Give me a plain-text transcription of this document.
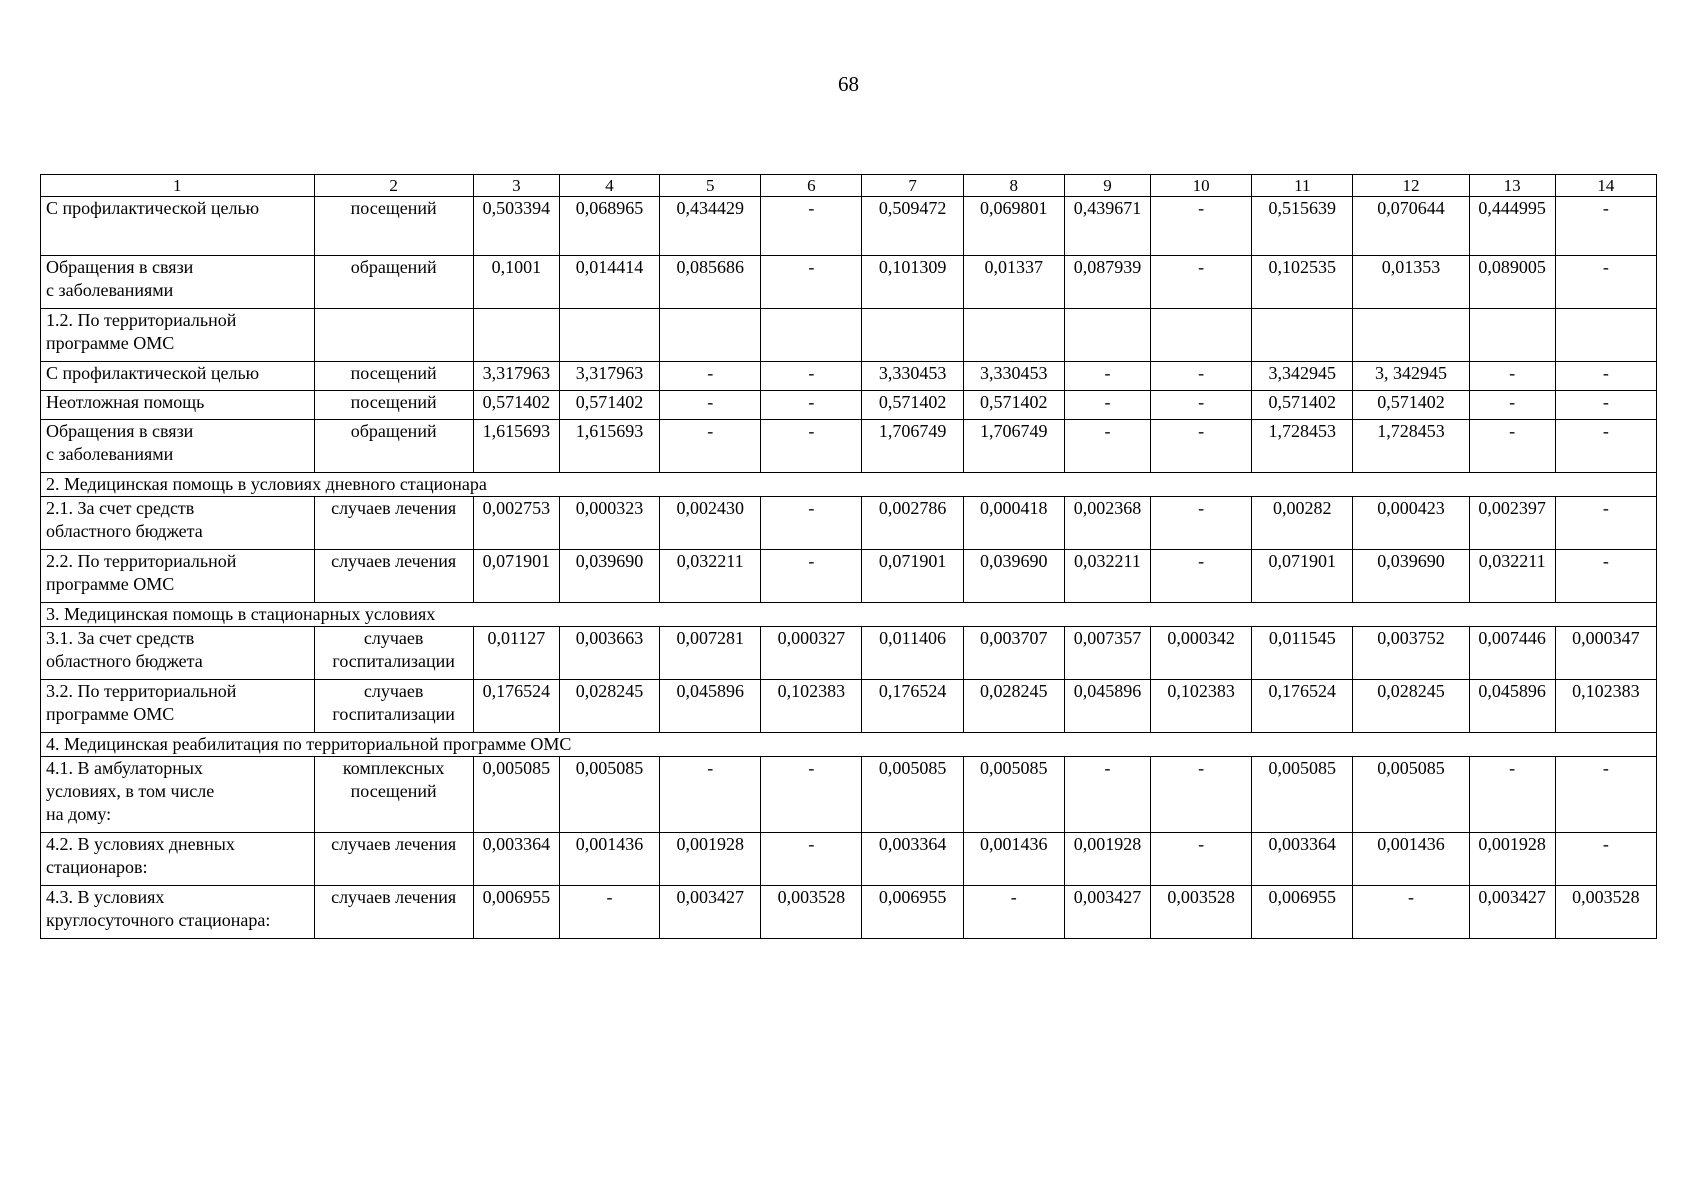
68
1	2	3	4	5	6	7	8	9	10	11	12	13	14
С профилактической целью	посещений	0,503394	0,068965	0,434429	-	0,509472	0,069801	0,439671	-	0,515639	0,070644	0,444995	-
Обращения в связи
с заболеваниями	обращений	0,1001	0,014414	0,085686	-	0,101309	0,01337	0,087939	-	0,102535	0,01353	0,089005	-
1.2. По территориальной
программе ОМС													
С профилактической целью	посещений	3,317963	3,317963	-	-	3,330453	3,330453	-	-	3,342945	3, 342945	-	-
Неотложная помощь	посещений	0,571402	0,571402	-	-	0,571402	0,571402	-	-	0,571402	0,571402	-	-
Обращения в связи
с заболеваниями	обращений	1,615693	1,615693	-	-	1,706749	1,706749	-	-	1,728453	1,728453	-	-
2. Медицинская помощь в условиях дневного стационара													
2.1. За счет средств
областного бюджета	случаев лечения	0,002753	0,000323	0,002430	-	0,002786	0,000418	0,002368	-	0,00282	0,000423	0,002397	-
2.2. По территориальной
программе ОМС	случаев лечения	0,071901	0,039690	0,032211	-	0,071901	0,039690	0,032211	-	0,071901	0,039690	0,032211	-
3. Медицинская помощь в стационарных условиях													
3.1. За счет средств
областного бюджета	случаев
госпитализации	0,01127	0,003663	0,007281	0,000327	0,011406	0,003707	0,007357	0,000342	0,011545	0,003752	0,007446	0,000347
3.2. По территориальной
программе ОМС	случаев
госпитализации	0,176524	0,028245	0,045896	0,102383	0,176524	0,028245	0,045896	0,102383	0,176524	0,028245	0,045896	0,102383
4. Медицинская реабилитация по территориальной программе ОМС													
4.1. В амбулаторных
условиях, в том числе
на дому:	комплексных
посещений	0,005085	0,005085	-	-	0,005085	0,005085	-	-	0,005085	0,005085	-	-
4.2. В условиях дневных
стационаров:	случаев лечения	0,003364	0,001436	0,001928	-	0,003364	0,001436	0,001928	-	0,003364	0,001436	0,001928	-
4.3. В условиях
круглосуточного стационара:	случаев лечения	0,006955	-	0,003427	0,003528	0,006955	-	0,003427	0,003528	0,006955	-	0,003427	0,003528
